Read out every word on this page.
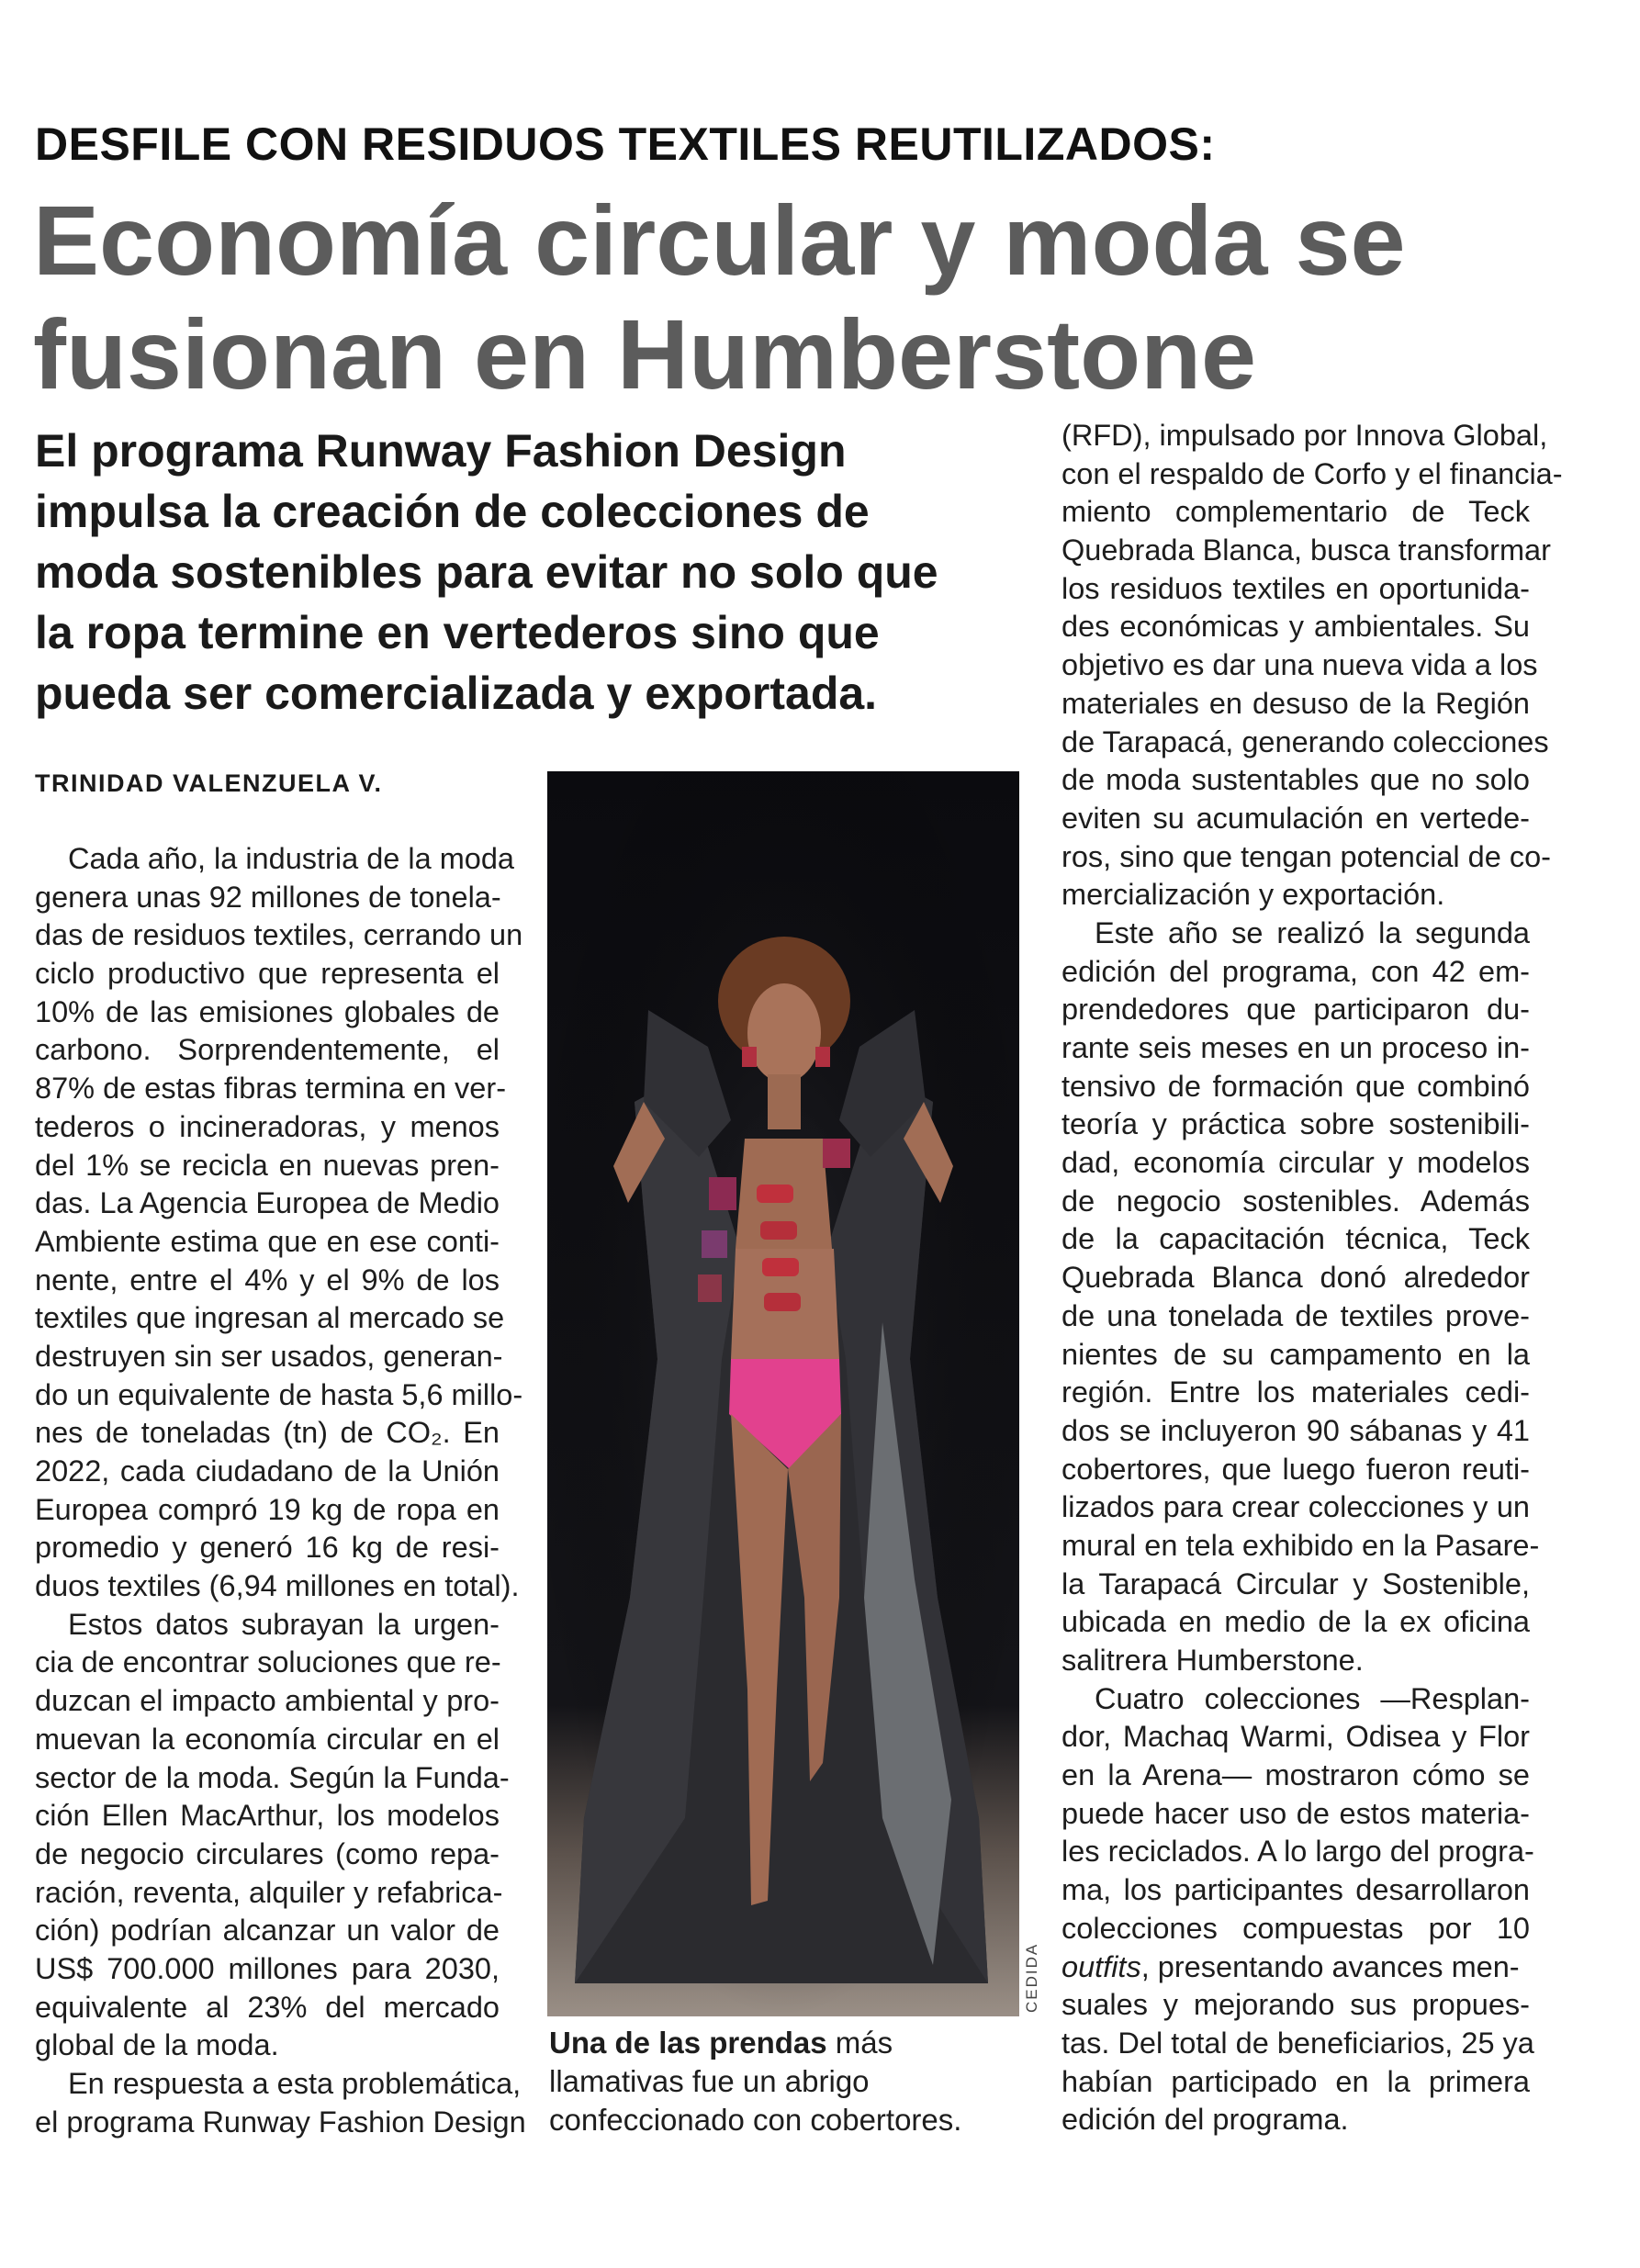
DESFILE CON RESIDUOS TEXTILES REUTILIZADOS:
Economía circular y moda se
fusionan en Humberstone
El programa Runway Fashion Design
impulsa la creación de colecciones de
moda sostenibles para evitar no solo que
la ropa termine en vertederos sino que
pueda ser comercializada y exportada.
TRINIDAD VALENZUELA V.
Cada año, la industria de la moda
genera unas 92 millones de tonela-
das de residuos textiles, cerrando un
ciclo productivo que representa el
10% de las emisiones globales de
carbono. Sorprendentemente, el
87% de estas fibras termina en ver-
tederos o incineradoras, y menos
del 1% se recicla en nuevas pren-
das. La Agencia Europea de Medio
Ambiente estima que en ese conti-
nente, entre el 4% y el 9% de los
textiles que ingresan al mercado se
destruyen sin ser usados, generan-
do un equivalente de hasta 5,6 millo-
nes de toneladas (tn) de CO₂. En
2022, cada ciudadano de la Unión
Europea compró 19 kg de ropa en
promedio y generó 16 kg de resi-
duos textiles (6,94 millones en total).
Estos datos subrayan la urgen-
cia de encontrar soluciones que re-
duzcan el impacto ambiental y pro-
muevan la economía circular en el
sector de la moda. Según la Funda-
ción Ellen MacArthur, los modelos
de negocio circulares (como repa-
ración, reventa, alquiler y refabrica-
ción) podrían alcanzar un valor de
US$ 700.000 millones para 2030,
equivalente al 23% del mercado
global de la moda.
En respuesta a esta problemática,
el programa Runway Fashion Design
CEDIDA
Una de las prendas más
llamativas fue un abrigo
confeccionado con cobertores.
(RFD), impulsado por Innova Global,
con el respaldo de Corfo y el financia-
miento complementario de Teck
Quebrada Blanca, busca transformar
los residuos textiles en oportunida-
des económicas y ambientales. Su
objetivo es dar una nueva vida a los
materiales en desuso de la Región
de Tarapacá, generando colecciones
de moda sustentables que no solo
eviten su acumulación en vertede-
ros, sino que tengan potencial de co-
mercialización y exportación.
Este año se realizó la segunda
edición del programa, con 42 em-
prendedores que participaron du-
rante seis meses en un proceso in-
tensivo de formación que combinó
teoría y práctica sobre sostenibili-
dad, economía circular y modelos
de negocio sostenibles. Además
de la capacitación técnica, Teck
Quebrada Blanca donó alrededor
de una tonelada de textiles prove-
nientes de su campamento en la
región. Entre los materiales cedi-
dos se incluyeron 90 sábanas y 41
cobertores, que luego fueron reuti-
lizados para crear colecciones y un
mural en tela exhibido en la Pasare-
la Tarapacá Circular y Sostenible,
ubicada en medio de la ex oficina
salitrera Humberstone.
Cuatro colecciones —Resplan-
dor, Machaq Warmi, Odisea y Flor
en la Arena— mostraron cómo se
puede hacer uso de estos materia-
les reciclados. A lo largo del progra-
ma, los participantes desarrollaron
colecciones compuestas por 10
outfits, presentando avances men-
suales y mejorando sus propues-
tas. Del total de beneficiarios, 25 ya
habían participado en la primera
edición del programa.
